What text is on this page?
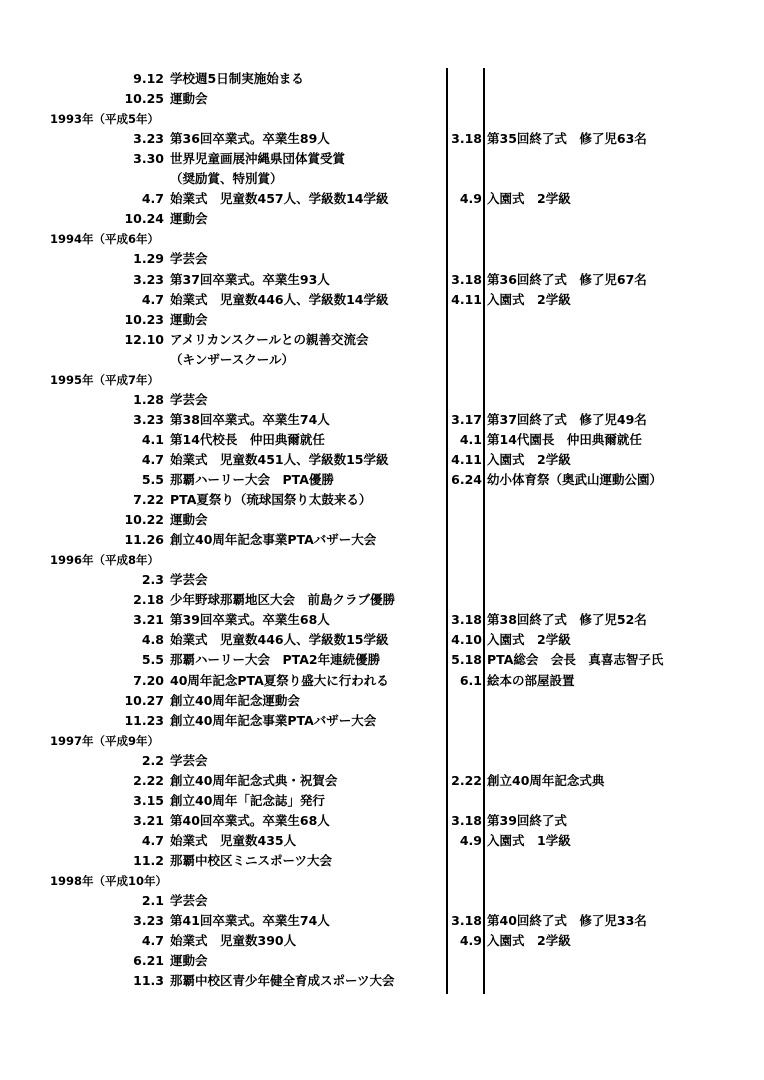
9.12 学校週5日制実施始まる
10.25 運動会
1993年（平成5年）
3.23 第36回卒業式。卒業生89人	3.18 第35回終了式　修了児63名
3.30 世界児童画展沖縄県団体賞受賞
（奨励賞、特別賞）
4.7 始業式　児童数457人、学級数14学級	4.9 入園式　2学級
10.24 運動会
1994年（平成6年）
1.29 学芸会
3.23 第37回卒業式。卒業生93人	3.18 第36回終了式　修了児67名
4.7 始業式　児童数446人、学級数14学級	4.11 入園式　2学級
10.23 運動会
12.10 アメリカンスクールとの親善交流会
（キンザースクール）
1995年（平成7年）
1.28 学芸会
3.23 第38回卒業式。卒業生74人	3.17 第37回終了式　修了児49名
4.1 第14代校長　仲田典爾就任	4.1 第14代園長　仲田典爾就任
4.7 始業式　児童数451人、学級数15学級	4.11 入園式　2学級
5.5 那覇ハーリー大会　PTA優勝	6.24 幼小体育祭（奥武山運動公園）
7.22 PTA夏祭り（琉球国祭り太鼓来る）
10.22 運動会
11.26 創立40周年記念事業PTAバザー大会
1996年（平成8年）
2.3 学芸会
2.18 少年野球那覇地区大会　前島クラブ優勝
3.21 第39回卒業式。卒業生68人	3.18 第38回終了式　修了児52名
4.8 始業式　児童数446人、学級数15学級	4.10 入園式　2学級
5.5 那覇ハーリー大会　PTA2年連続優勝	5.18 PTA総会　会長　真喜志智子氏
7.20 40周年記念PTA夏祭り盛大に行われる	6.1 絵本の部屋設置
10.27 創立40周年記念運動会
11.23 創立40周年記念事業PTAバザー大会
1997年（平成9年）
2.2 学芸会
2.22 創立40周年記念式典・祝賀会	2.22 創立40周年記念式典
3.15 創立40周年「記念誌」発行
3.21 第40回卒業式。卒業生68人	3.18 第39回終了式
4.7 始業式　児童数435人	4.9 入園式　1学級
11.2 那覇中校区ミニスポーツ大会
1998年（平成10年）
2.1 学芸会
3.23 第41回卒業式。卒業生74人	3.18 第40回終了式　修了児33名
4.7 始業式　児童数390人	4.9 入園式　2学級
6.21 運動会
11.3 那覇中校区青少年健全育成スポーツ大会
